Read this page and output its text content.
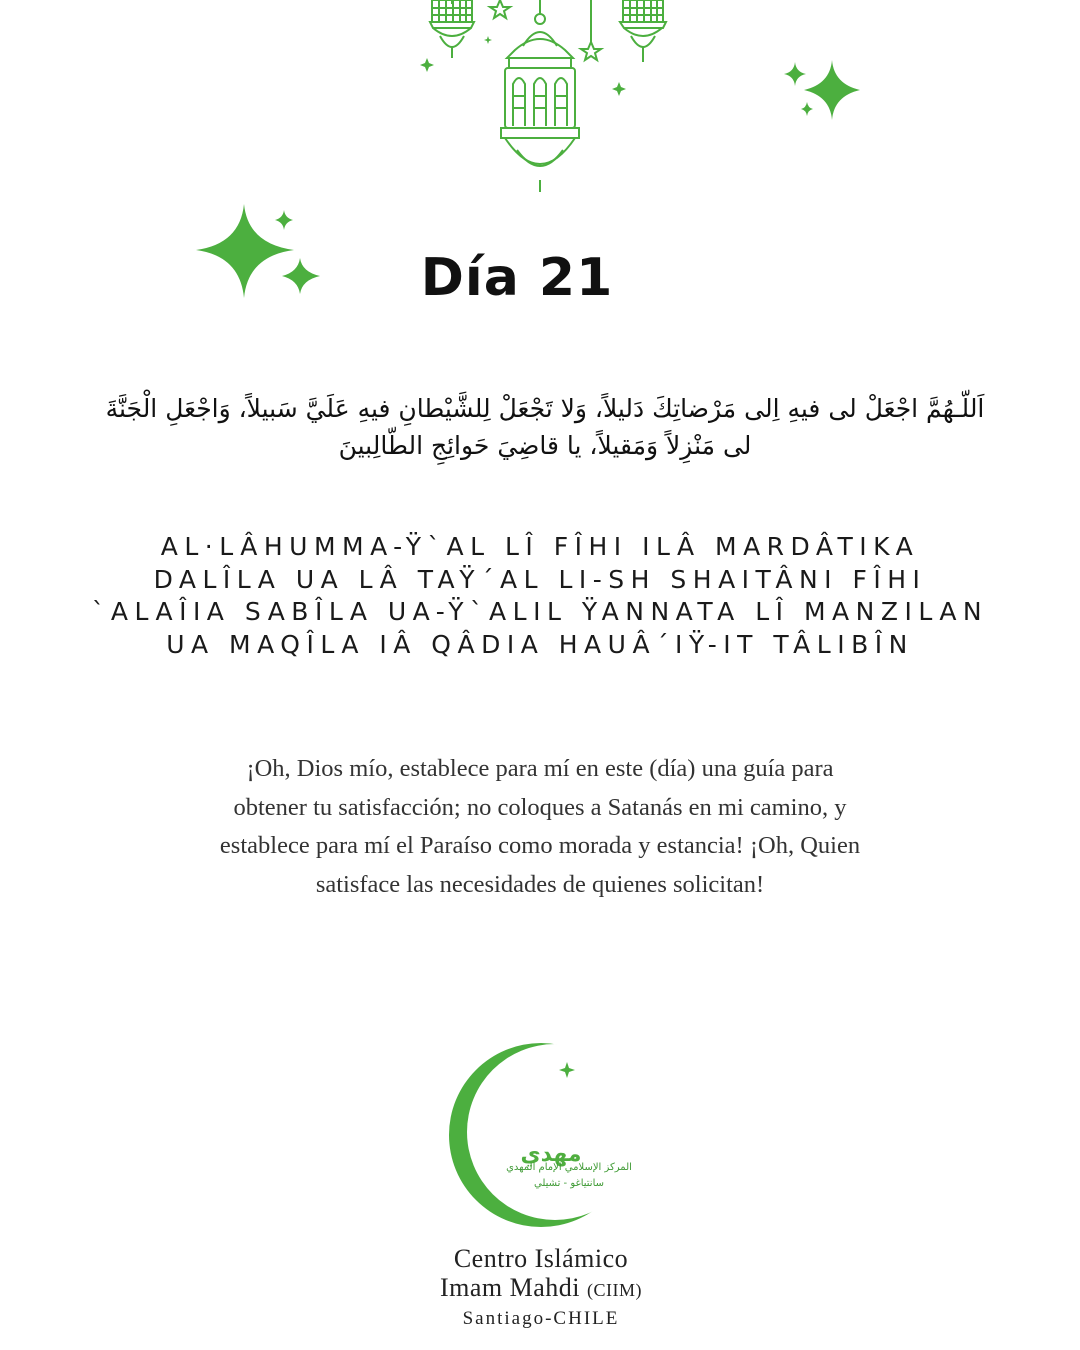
Día 21
اَللّـهُمَّ اجْعَلْ لى فيهِ اِلى مَرْضاتِكَ دَليلاً، وَلا تَجْعَلْ لِلشَّيْطانِ فيهِ عَلَيَّ سَبيلاً، وَاجْعَلِ الْجَنَّةَ لى مَنْزِلاً وَمَقيلاً، يا قاضِيَ حَوائِجِ الطّالِبينَ
AL·LÂHUMMA-Ÿ`AL LÎ FÎHI ILÂ MARDÂTIKA DALÎLA UA LÂ TAŸ´AL LI-SH SHAITÂNI FÎHI `ALAÎIA SABÎLA UA-Ÿ`ALIL ŸANNATA LÎ MANZILAN UA MAQÎLA IÂ QÂDIA HAUÂ´IŸ-IT TÂLIBÎN
¡Oh, Dios mío, establece para mí en este (día) una guía para obtener tu satisfacción; no coloques a Satanás en mi camino, y establece para mí el Paraíso como morada y estancia! ¡Oh, Quien satisface las necesidades de quienes solicitan!
مهدي
المركز الإسلامي الإمام المهدي
سانتياغو - تشيلي
Centro Islámico
Imam Mahdi (CIIM)
Santiago-CHILE
